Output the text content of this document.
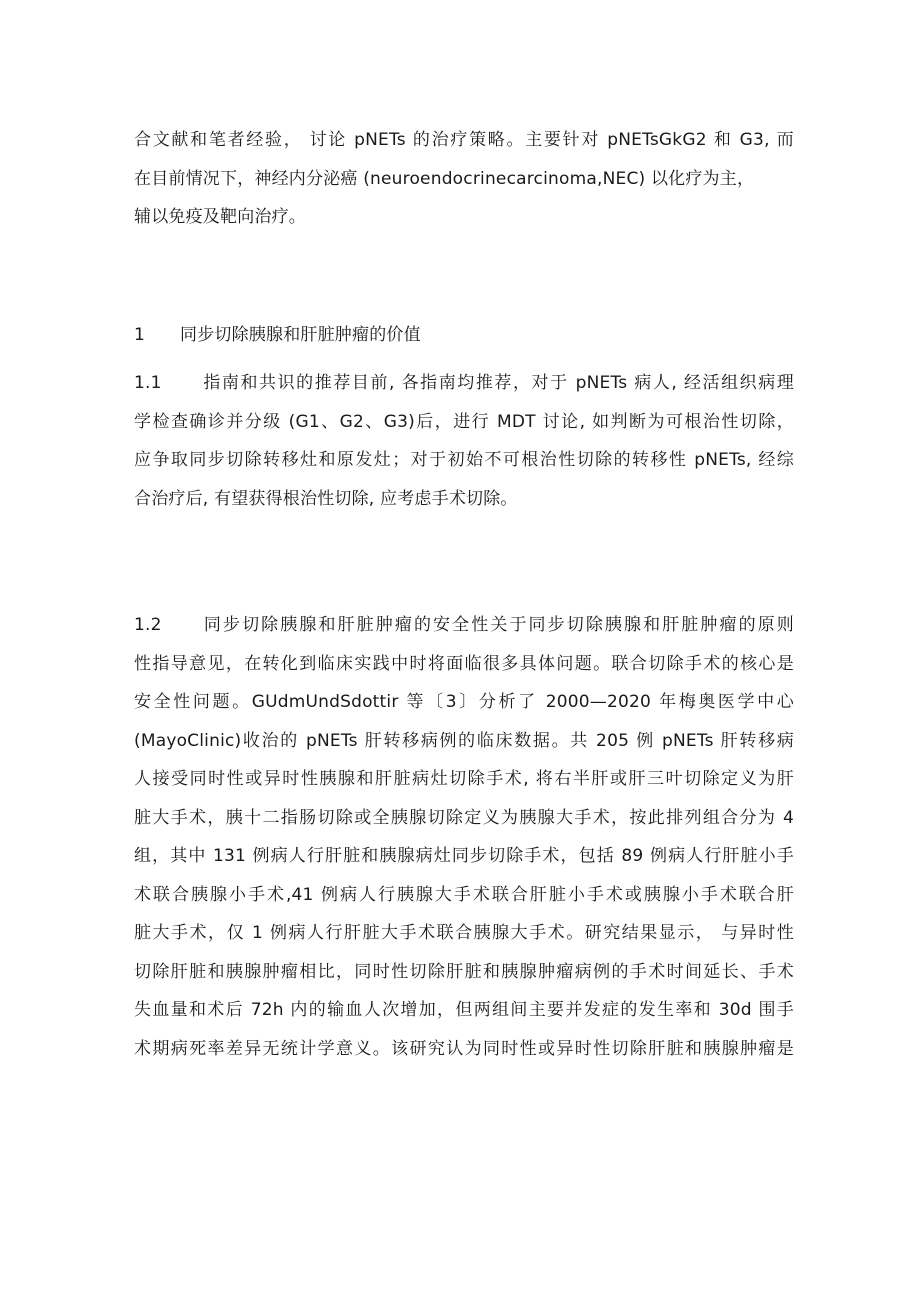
合文献和笔者经验， 讨论 pNETs 的治疗策略。主要针对 pNETsGkG2 和 G3, 而
在目前情况下，神经内分泌癌 (neuroendocrinecarcinoma,NEC) 以化疗为主，
辅以免疫及靶向治疗。
1 同步切除胰腺和肝脏肿瘤的价值
1.1 指南和共识的推荐目前, 各指南均推荐，对于 pNETs 病人, 经活组织病理
学检查确诊并分级 (G1、G2、G3)后，进行 MDT 讨论, 如判断为可根治性切除，
应争取同步切除转移灶和原发灶；对于初始不可根治性切除的转移性 pNETs, 经综
合治疗后, 有望获得根治性切除, 应考虑手术切除。
1.2 同步切除胰腺和肝脏肿瘤的安全性关于同步切除胰腺和肝脏肿瘤的原则
性指导意见，在转化到临床实践中时将面临很多具体问题。联合切除手术的核心是
安全性问题。GUdmUndSdottir 等〔3〕分析了 2000—2020 年梅奥医学中心
(MayoClinic)收治的 pNETs 肝转移病例的临床数据。共 205 例 pNETs 肝转移病
人接受同时性或异时性胰腺和肝脏病灶切除手术, 将右半肝或肝三叶切除定义为肝
脏大手术，胰十二指肠切除或全胰腺切除定义为胰腺大手术，按此排列组合分为 4
组，其中 131 例病人行肝脏和胰腺病灶同步切除手术，包括 89 例病人行肝脏小手
术联合胰腺小手术,41 例病人行胰腺大手术联合肝脏小手术或胰腺小手术联合肝
脏大手术，仅 1 例病人行肝脏大手术联合胰腺大手术。研究结果显示， 与异时性
切除肝脏和胰腺肿瘤相比，同时性切除肝脏和胰腺肿瘤病例的手术时间延长、手术
失血量和术后 72h 内的输血人次增加，但两组间主要并发症的发生率和 30d 围手
术期病死率差异无统计学意义。该研究认为同时性或异时性切除肝脏和胰腺肿瘤是
